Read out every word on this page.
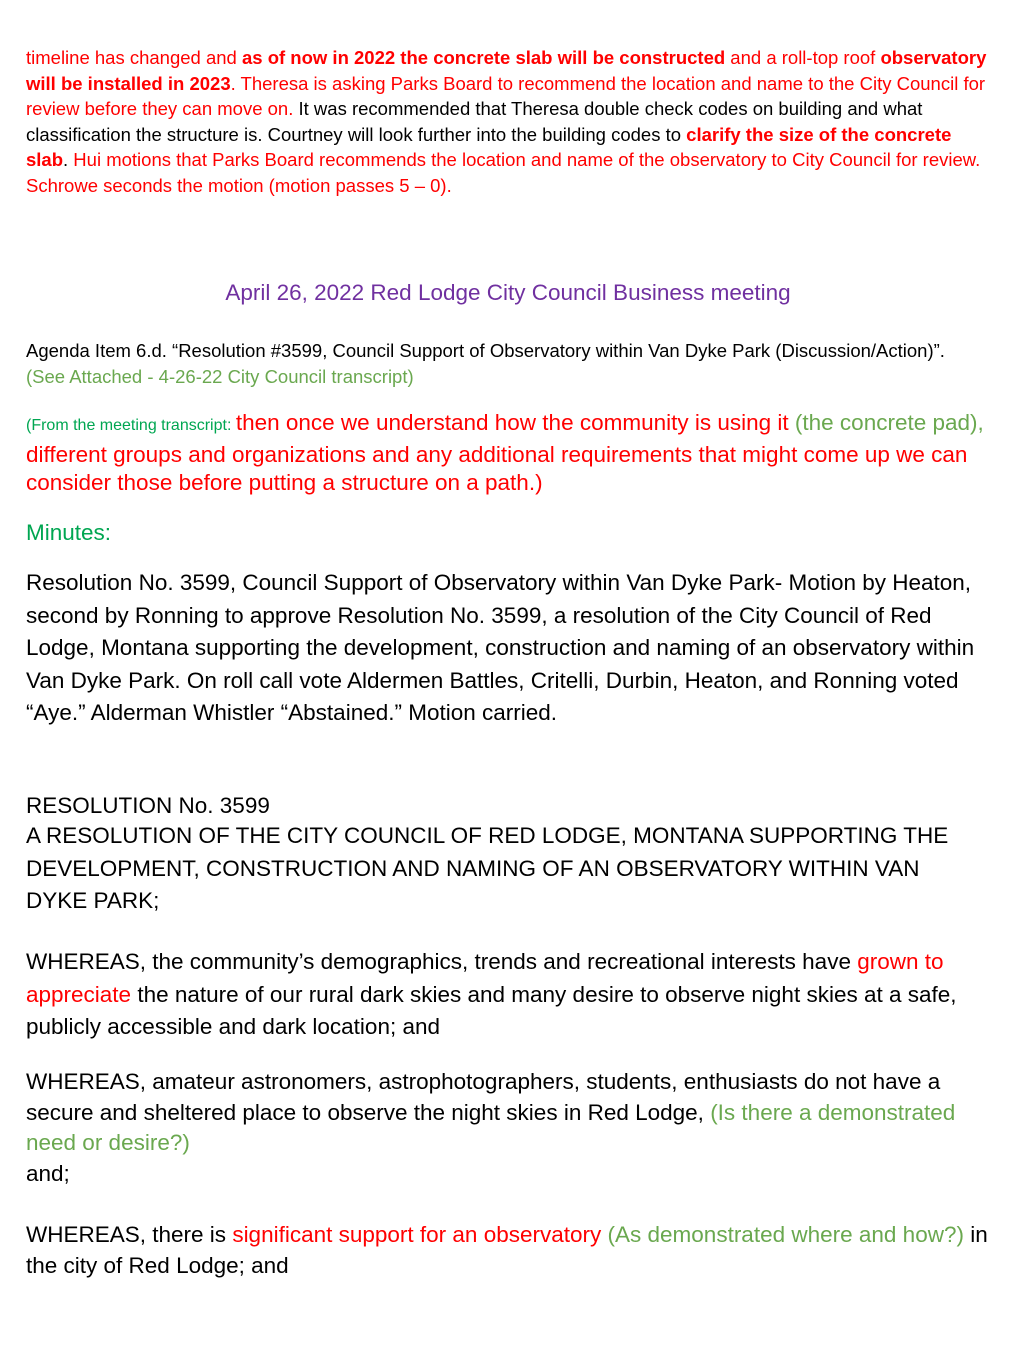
timeline has changed and as of now in 2022 the concrete slab will be constructed and a roll-top roof observatory will be installed in 2023. Theresa is asking Parks Board to recommend the location and name to the City Council for review before they can move on. It was recommended that Theresa double check codes on building and what classification the structure is. Courtney will look further into the building codes to clarify the size of the concrete slab. Hui motions that Parks Board recommends the location and name of the observatory to City Council for review. Schrowe seconds the motion (motion passes 5 – 0).

April 26, 2022 Red Lodge City Council Business meeting

Agenda Item 6.d. “Resolution #3599, Council Support of Observatory within Van Dyke Park (Discussion/Action)”. (See Attached - 4-26-22 City Council transcript)

(From the meeting transcript: then once we understand how the community is using it (the concrete pad), different groups and organizations and any additional requirements that might come up we can consider those before putting a structure on a path.)

Minutes:

Resolution No. 3599, Council Support of Observatory within Van Dyke Park- Motion by Heaton, second by Ronning to approve Resolution No. 3599, a resolution of the City Council of Red Lodge, Montana supporting the development, construction and naming of an observatory within Van Dyke Park. On roll call vote Aldermen Battles, Critelli, Durbin, Heaton, and Ronning voted “Aye.” Alderman Whistler “Abstained.” Motion carried.

RESOLUTION No. 3599

A RESOLUTION OF THE CITY COUNCIL OF RED LODGE, MONTANA SUPPORTING THE DEVELOPMENT, CONSTRUCTION AND NAMING OF AN OBSERVATORY WITHIN VAN DYKE PARK;

WHEREAS, the community’s demographics, trends and recreational interests have grown to appreciate the nature of our rural dark skies and many desire to observe night skies at a safe, publicly accessible and dark location; and

WHEREAS, amateur astronomers, astrophotographers, students, enthusiasts do not have a secure and sheltered place to observe the night skies in Red Lodge, (Is there a demonstrated need or desire?)
and;

WHEREAS, there is significant support for an observatory (As demonstrated where and how?) in the city of Red Lodge; and
